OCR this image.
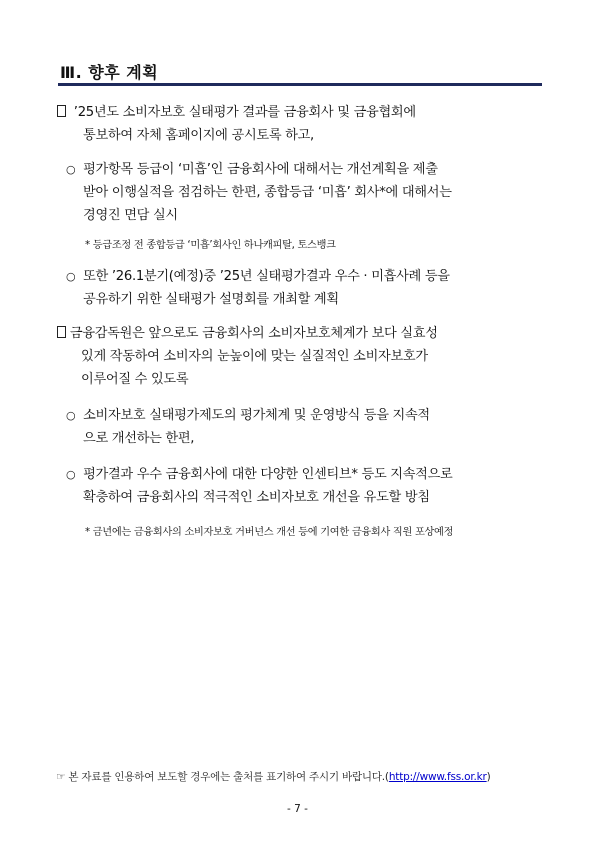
Ⅲ. 향후 계획
’25년도 소비자보호 실태평가 결과를 금융회사 및 금융협회에
통보하여 자체 홈페이지에 공시토록 하고,
○ 평가항목 등급이 ‘미흡’인 금융회사에 대해서는 개선계획을 제출
받아 이행실적을 점검하는 한편, 종합등급 ‘미흡’ 회사*에 대해서는
경영진 면담 실시
* 등급조정 전 종합등급 ‘미흡’회사인 하나캐피탈, 토스뱅크
○ 또한 ’26.1분기(예정)중 ’25년 실태평가결과 우수 · 미흡사례 등을
공유하기 위한 실태평가 설명회를 개최할 계획
금융감독원은 앞으로도 금융회사의 소비자보호체계가 보다 실효성
있게 작동하여 소비자의 눈높이에 맞는 실질적인 소비자보호가
이루어질 수 있도록
○ 소비자보호 실태평가제도의 평가체계 및 운영방식 등을 지속적
으로 개선하는 한편,
○ 평가결과 우수 금융회사에 대한 다양한 인센티브* 등도 지속적으로
확충하여 금융회사의 적극적인 소비자보호 개선을 유도할 방침
* 금년에는 금융회사의 소비자보호 거버넌스 개선 등에 기여한 금융회사 직원 포상예정
☞ 본 자료를 인용하여 보도할 경우에는 출처를 표기하여 주시기 바랍니다.(http://www.fss.or.kr)
- 7 -
